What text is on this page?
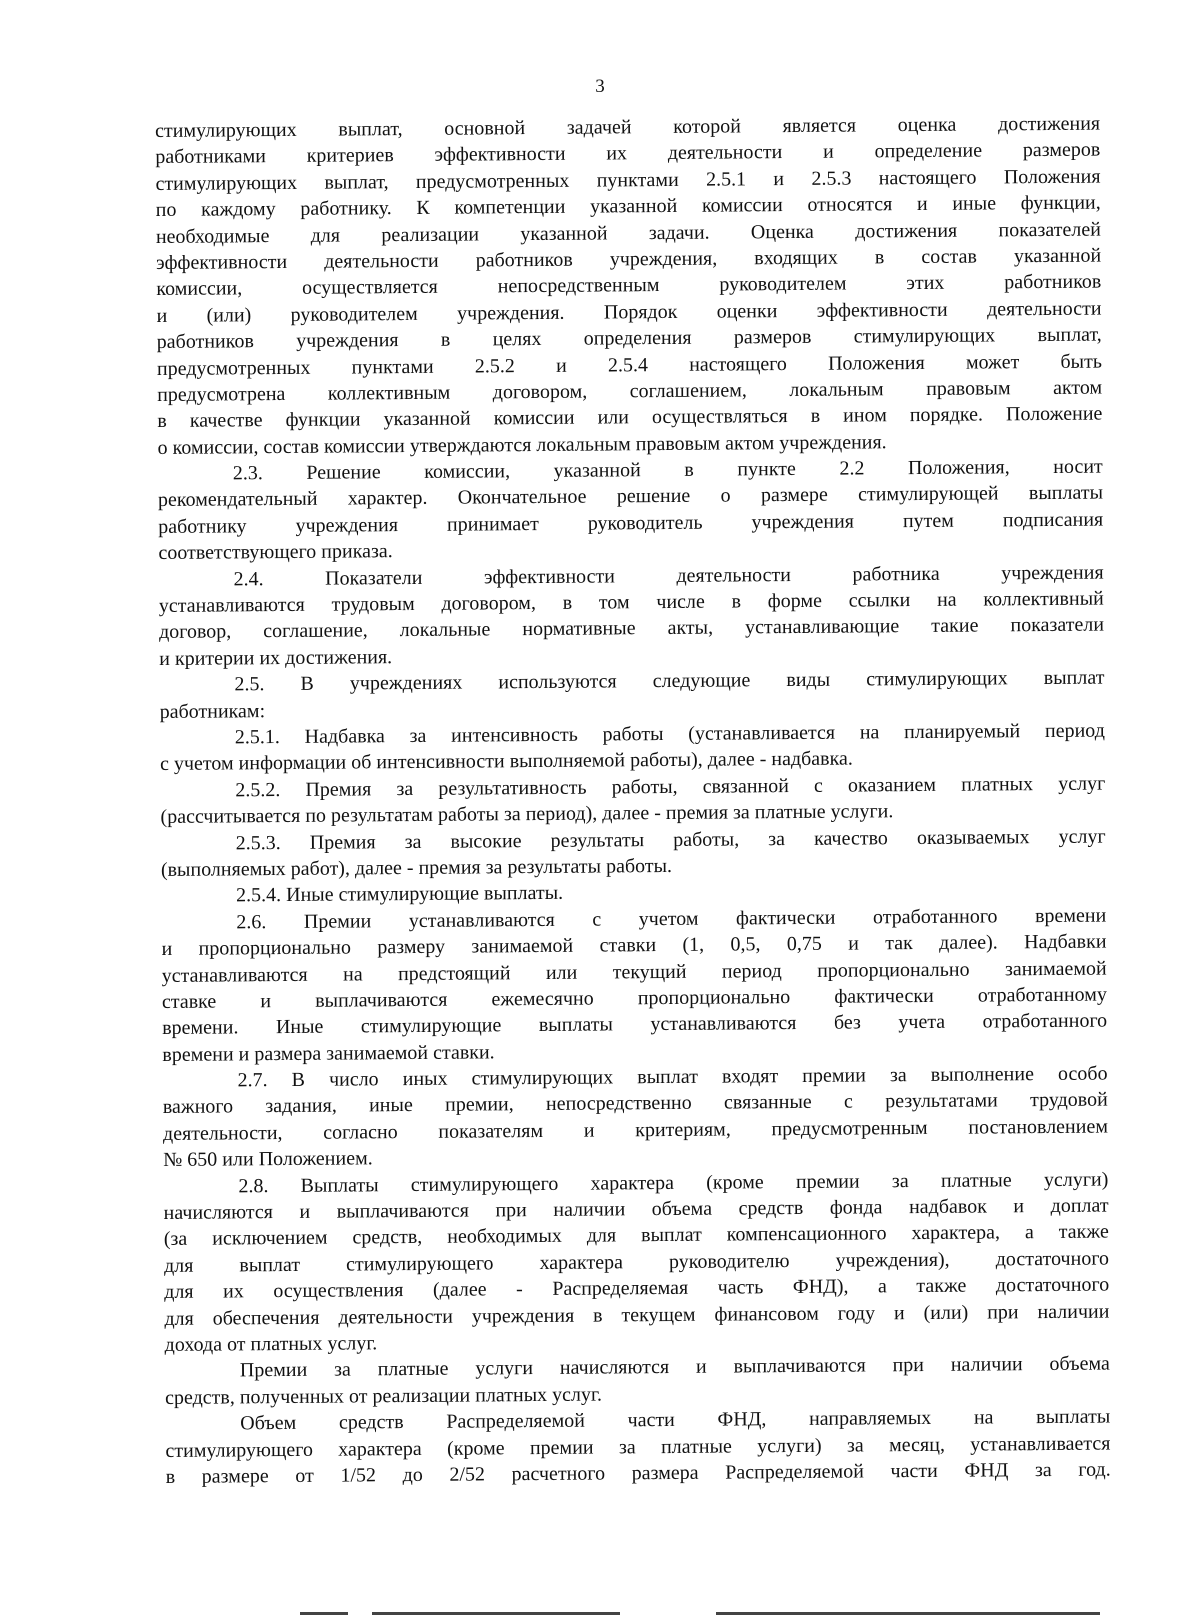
3
стимулирующих выплат, основной задачей которой является оценка достижения
работниками критериев эффективности их деятельности и определение размеров
стимулирующих выплат, предусмотренных пунктами 2.5.1 и 2.5.3 настоящего Положения
по каждому работнику. К компетенции указанной комиссии относятся и иные функции,
необходимые для реализации указанной задачи. Оценка достижения показателей
эффективности деятельности работников учреждения, входящих в состав указанной
комиссии, осуществляется непосредственным руководителем этих работников
и (или) руководителем учреждения. Порядок оценки эффективности деятельности
работников учреждения в целях определения размеров стимулирующих выплат,
предусмотренных пунктами 2.5.2 и 2.5.4 настоящего Положения может быть
предусмотрена коллективным договором, соглашением, локальным правовым актом
в качестве функции указанной комиссии или осуществляться в ином порядке. Положение
о комиссии, состав комиссии утверждаются локальным правовым актом учреждения.
2.3. Решение комиссии, указанной в пункте 2.2 Положения, носит
рекомендательный характер. Окончательное решение о размере стимулирующей выплаты
работнику учреждения принимает руководитель учреждения путем подписания
соответствующего приказа.
2.4. Показатели эффективности деятельности работника учреждения
устанавливаются трудовым договором, в том числе в форме ссылки на коллективный
договор, соглашение, локальные нормативные акты, устанавливающие такие показатели
и критерии их достижения.
2.5. В учреждениях используются следующие виды стимулирующих выплат
работникам:
2.5.1. Надбавка за интенсивность работы (устанавливается на планируемый период
с учетом информации об интенсивности выполняемой работы), далее - надбавка.
2.5.2. Премия за результативность работы, связанной с оказанием платных услуг
(рассчитывается по результатам работы за период), далее - премия за платные услуги.
2.5.3. Премия за высокие результаты работы, за качество оказываемых услуг
(выполняемых работ), далее - премия за результаты работы.
2.5.4. Иные стимулирующие выплаты.
2.6. Премии устанавливаются с учетом фактически отработанного времени
и пропорционально размеру занимаемой ставки (1, 0,5, 0,75 и так далее). Надбавки
устанавливаются на предстоящий или текущий период пропорционально занимаемой
ставке и выплачиваются ежемесячно пропорционально фактически отработанному
времени. Иные стимулирующие выплаты устанавливаются без учета отработанного
времени и размера занимаемой ставки.
2.7. В число иных стимулирующих выплат входят премии за выполнение особо
важного задания, иные премии, непосредственно связанные с результатами трудовой
деятельности, согласно показателям и критериям, предусмотренным постановлением
№ 650 или Положением.
2.8. Выплаты стимулирующего характера (кроме премии за платные услуги)
начисляются и выплачиваются при наличии объема средств фонда надбавок и доплат
(за исключением средств, необходимых для выплат компенсационного характера, а также
для выплат стимулирующего характера руководителю учреждения), достаточного
для их осуществления (далее - Распределяемая часть ФНД), а также достаточного
для обеспечения деятельности учреждения в текущем финансовом году и (или) при наличии
дохода от платных услуг.
Премии за платные услуги начисляются и выплачиваются при наличии объема
средств, полученных от реализации платных услуг.
Объем средств Распределяемой части ФНД, направляемых на выплаты
стимулирующего характера (кроме премии за платные услуги) за месяц, устанавливается
в размере от 1/52 до 2/52 расчетного размера Распределяемой части ФНД за год.
